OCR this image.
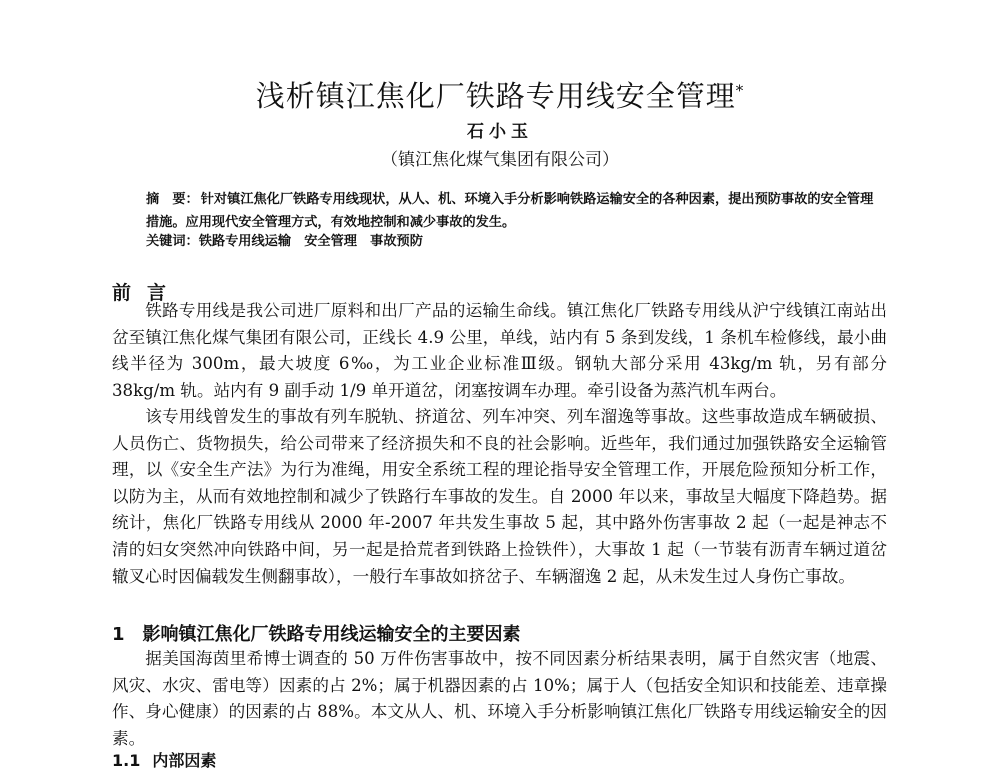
浅析镇江焦化厂铁路专用线安全管理*
石小玉
（镇江焦化煤气集团有限公司）
摘　要： 针对镇江焦化厂铁路专用线现状，从人、机、环境入手分析影响铁路运输安全的各种因素，提出预防事故的安全管理措施。应用现代安全管理方式，有效地控制和减少事故的发生。
关键词：铁路专用线运输　安全管理　事故预防
前言

铁路专用线是我公司进厂原料和出厂产品的运输生命线。镇江焦化厂铁路专用线从沪宁线镇江南站出岔至镇江焦化煤气集团有限公司，正线长 4.9 公里，单线，站内有 5 条到发线，1 条机车检修线，最小曲线半径为 300m，最大坡度 6‰，为工业企业标准Ⅲ级。钢轨大部分采用 43kg/m 轨，另有部分 38kg/m 轨。站内有 9 副手动 1/9 单开道岔，闭塞按调车办理。牵引设备为蒸汽机车两台。

该专用线曾发生的事故有列车脱轨、挤道岔、列车冲突、列车溜逸等事故。这些事故造成车辆破损、人员伤亡、货物损失，给公司带来了经济损失和不良的社会影响。近些年，我们通过加强铁路安全运输管理，以《安全生产法》为行为准绳，用安全系统工程的理论指导安全管理工作，开展危险预知分析工作，以防为主，从而有效地控制和减少了铁路行车事故的发生。自 2000 年以来，事故呈大幅度下降趋势。据统计，焦化厂铁路专用线从 2000 年-2007 年共发生事故 5 起，其中路外伤害事故 2 起（一起是神志不清的妇女突然冲向铁路中间，另一起是拾荒者到铁路上捡铁件），大事故 1 起（一节装有沥青车辆过道岔辙叉心时因偏载发生侧翻事故），一般行车事故如挤岔子、车辆溜逸 2 起，从未发生过人身伤亡事故。

1 影响镇江焦化厂铁路专用线运输安全的主要因素

据美国海茵里希博士调查的 50 万件伤害事故中，按不同因素分析结果表明，属于自然灾害（地震、风灾、水灾、雷电等）因素的占 2%；属于机器因素的占 10%；属于人（包括安全知识和技能差、违章操作、身心健康）的因素的占 88%。本文从人、机、环境入手分析影响镇江焦化厂铁路专用线运输安全的因素。

1.1 内部因素
